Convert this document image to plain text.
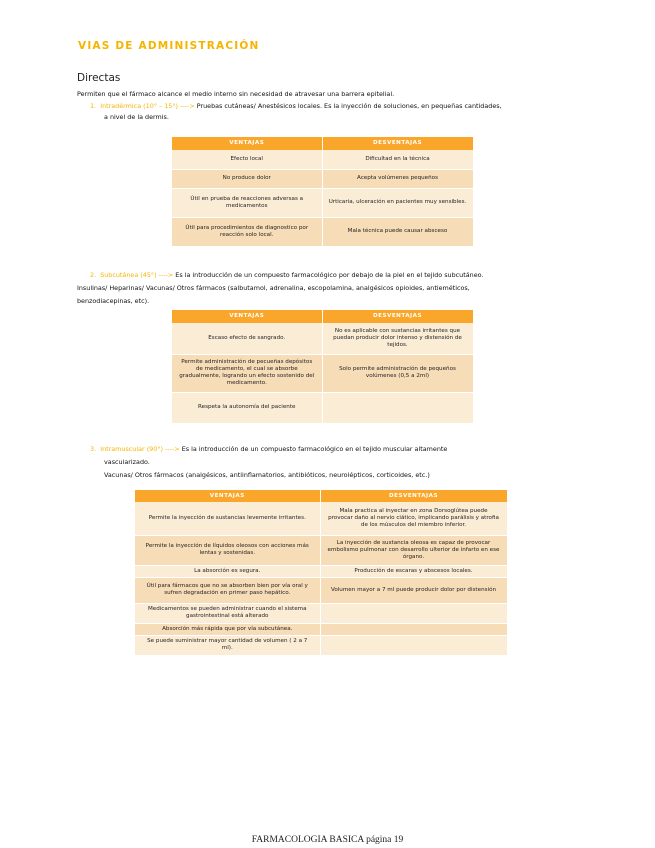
VIAS DE ADMINISTRACIÓN
Directas

Permiten que el fármaco alcance el medio interno sin necesidad de atravesar una barrera epitelial.

1. Intradérmica (10° – 15°) ----> Pruebas cutáneas/ Anestésicos locales. Es la inyección de soluciones, en pequeñas cantidades,

a nivel de la dermis.

VENTAJAS	DESVENTAJAS
Efecto local	Dificultad en la técnica
No produce dolor	Acepta volúmenes pequeños
Útil en prueba de reacciones adversas a medicamentos	Urticaria, ulceración en pacientes muy sensibles.
Útil para procedimientos de diagnostico por reacción solo local.	Mala técnica puede causar absceso

2. Subcutánea (45°) ----> Es la introducción de un compuesto farmacológico por debajo de la piel en el tejido subcutáneo.

Insulinas/ Heparinas/ Vacunas/ Otros fármacos (salbutamol, adrenalina, escopolamina, analgésicos opioides, antieméticos,

benzodiacepinas, etc).

VENTAJAS	DESVENTAJAS
Escaso efecto de sangrado.	No es aplicable con sustancias irritantes que puedan producir dolor intenso y distensión de tejidos.
Permite administración de pecueñas depósitos de medicamento, el cual se absorbe gradualmente, logrando un efecto sostenido del medicamento.	Solo permite administración de pequeños volúmenes (0,5 a 2ml)
Respeta la autonomía del paciente	

3. Intramuscular (90°) ----> Es la introducción de un compuesto farmacológico en el tejido muscular altamente

vascularizado.

Vacunas/ Otros fármacos (analgésicos, antiinflamatorios, antibióticos, neurolépticos, corticoides, etc.)

VENTAJAS	DESVENTAJAS
Permite la inyección de sustancias levemente irritantes.	Mala practica al inyectar en zona Dorsoglútea puede provocar daño al nervio ciático, implicando parálisis y atrofia de los músculos del miembro inferior.
Permite la inyección de líquidos oleosos con acciones más lentas y sostenidas.	La inyección de sustancia oleosa es capaz de provocar embolismo pulmonar con desarrollo ulterior de infarto en ese órgano.
La absorción es segura.	Producción de escaras y abscesos locales.
Útil para fármacos que no se absorben bien por vía oral y sufren degradación en primer paso hepático.	Volumen mayor a 7 ml puede producir dolor por distensión
Medicamentos se pueden administrar cuando el sistema gastrointestinal está alterado	
Absorción más rápida que por vía subcutánea.	
Se puede suministrar mayor cantidad de volumen ( 2 a 7 ml).	

FARMACOLOGIA BASICA página 19
